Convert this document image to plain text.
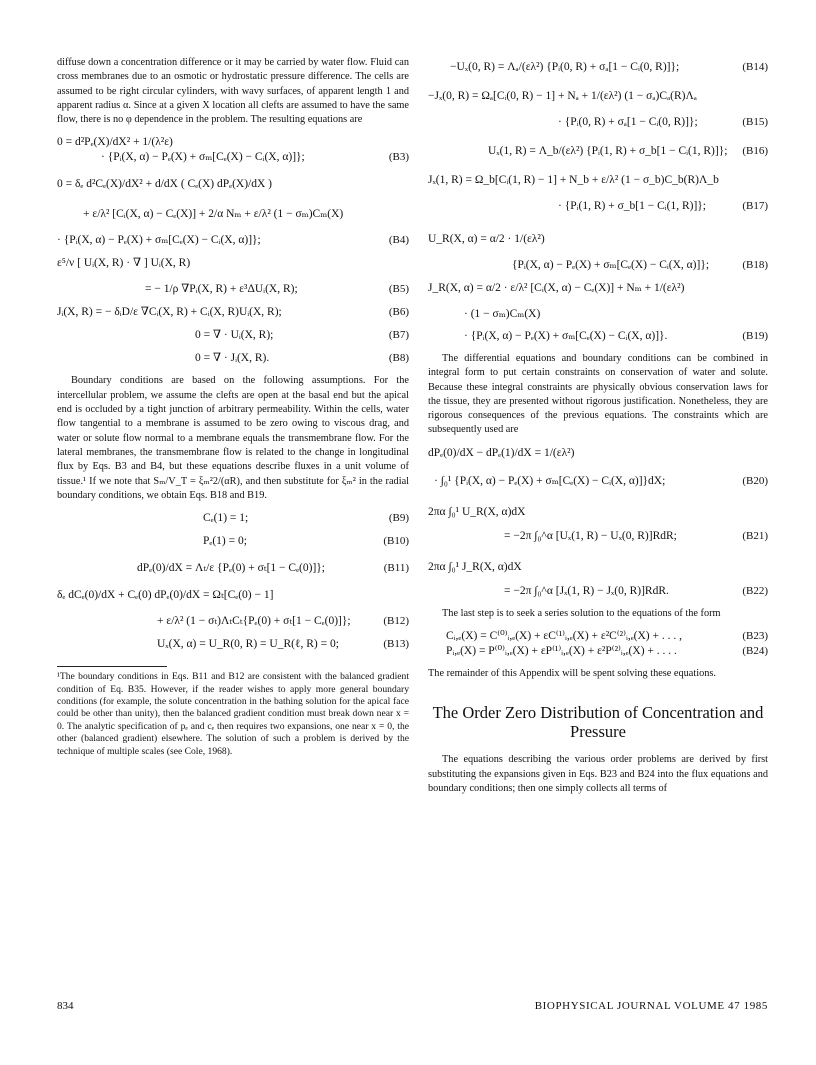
diffuse down a concentration difference or it may be carried by water flow. Fluid can cross membranes due to an osmotic or hydrostatic pressure difference. The cells are assumed to be right circular cylinders, with wavy surfaces, of apparent length 1 and apparent radius α. Since at a given X location all clefts are assumed to have the same flow, there is no φ dependence in the problem. The resulting equations are

0 = d²Pₑ(X)/dX² + 1/(λ²ε)
· {Pᵢ(X, α) − Pₑ(X) + σₘ[Cₑ(X) − Cᵢ(X, α)]};	(B3)
0 = δₑ d²Cₑ(X)/dX² + d/dX ( Cₑ(X) dPₑ(X)/dX )
+ ε/λ² [Cᵢ(X, α) − Cₑ(X)] + 2/α Nₘ + ε/λ² (1 − σₘ)Cₘ(X)
· {Pᵢ(X, α) − Pₑ(X) + σₘ[Cₑ(X) − Cᵢ(X, α)]};	(B4)
ε⁵/ν [ Uᵢ(X, R) · ∇ ] Uᵢ(X, R)
= − 1/ρ ∇Pᵢ(X, R) + ε³ΔUᵢ(X, R);	(B5)
Jᵢ(X, R) = − δᵢD/ε ∇Cᵢ(X, R) + Cᵢ(X, R)Uᵢ(X, R);	(B6)
0 = ∇ · Uᵢ(X, R);	(B7)
0 = ∇ · Jᵢ(X, R).	(B8)

Boundary conditions are based on the following assumptions. For the intercellular problem, we assume the clefts are open at the basal end but the apical end is occluded by a tight junction of arbitrary permeability. Within the cells, water flow tangential to a membrane is assumed to be zero owing to viscous drag, and water or solute flow normal to a membrane equals the transmembrane flow. For the lateral membranes, the transmembrane flow is related to the change in longitudinal flux by Eqs. B3 and B4, but these equations describe fluxes in a unit volume of tissue.¹ If we note that Sₘ/V_T = ξₘ²2/(αR), and then substitute for ξₘ² in the radial boundary conditions, we obtain Eqs. B18 and B19.

Cₑ(1) = 1;	(B9)
Pₑ(1) = 0;	(B10)
dPₑ(0)/dX = Λₜ/ε {Pₑ(0) + σₜ[1 − Cₑ(0)]};	(B11)
δₑ dCₑ(0)/dX + Cₑ(0) dPₑ(0)/dX = Ωₜ[Cₑ(0) − 1]
+ ε/λ² (1 − σₜ)ΛₜCₜ{Pₑ(0) + σₜ[1 − Cₑ(0)]};	(B12)
Uₓ(X, α) = U_R(0, R) = U_R(ℓ, R) = 0;	(B13)

¹The boundary conditions in Eqs. B11 and B12 are consistent with the balanced gradient condition of Eq. B35. However, if the reader wishes to apply more general boundary conditions (for example, the solute concentration in the bathing solution for the apical face could be other than unity), then the balanced gradient condition must break down near x = 0. The analytic specification of pₑ and cₑ then requires two expansions, one near x = 0, the other (balanced gradient) elsewhere. The solution of such a problem is derived by the technique of multiple scales (see Cole, 1968).

−Uₓ(0, R) = Λₐ/(ελ²) {Pᵢ(0, R) + σₐ[1 − Cᵢ(0, R)]};	(B14)
−Jₓ(0, R) = Ωₐ[Cᵢ(0, R) − 1] + Nₐ + 1/(ελ²) (1 − σₐ)Cₐ(R)Λₐ
· {Pᵢ(0, R) + σₐ[1 − Cᵢ(0, R)]};	(B15)
Uₓ(1, R) = Λ_b/(ελ²) {Pᵢ(1, R) + σ_b[1 − Cᵢ(1, R)]};	(B16)
Jₓ(1, R) = Ω_b[Cᵢ(1, R) − 1] + N_b + ε/λ² (1 − σ_b)C_b(R)Λ_b
· {Pᵢ(1, R) + σ_b[1 − Cᵢ(1, R)]};	(B17)
U_R(X, α) = α/2 · 1/(ελ²)
{Pᵢ(X, α) − Pₑ(X) + σₘ[Cₑ(X) − Cᵢ(X, α)]};	(B18)
J_R(X, α) = α/2 · ε/λ² [Cᵢ(X, α) − Cₑ(X)] + Nₘ + 1/(ελ²)
· (1 − σₘ)Cₘ(X)
· {Pᵢ(X, α) − Pₑ(X) + σₘ[Cₑ(X) − Cᵢ(X, α)]}.	(B19)

The differential equations and boundary conditions can be combined in integral form to put certain constraints on conservation of water and solute. Because these integral constraints are physically obvious conservation laws for the tissue, they are presented without rigorous justification. Nonetheless, they are rigorous consequences of the previous equations. The constraints which are subsequently used are

dPₑ(0)/dX − dPₑ(1)/dX = 1/(ελ²)
· ∫₀¹ {Pᵢ(X, α) − Pₑ(X) + σₘ[Cₑ(X) − Cᵢ(X, α)]}dX;	(B20)
2πα ∫₀¹ U_R(X, α)dX
= −2π ∫₀^α [Uₓ(1, R) − Uₓ(0, R)]RdR;	(B21)
2πα ∫₀¹ J_R(X, α)dX
= −2π ∫₀^α [Jₓ(1, R) − Jₓ(0, R)]RdR.	(B22)

The last step is to seek a series solution to the equations of the form

Cᵢ,ₑ(X) = C⁽⁰⁾ᵢ,ₑ(X) + εC⁽¹⁾ᵢ,ₑ(X) + ε²C⁽²⁾ᵢ,ₑ(X) + . . . ,	(B23)
Pᵢ,ₑ(X) = P⁽⁰⁾ᵢ,ₑ(X) + εP⁽¹⁾ᵢ,ₑ(X) + ε²P⁽²⁾ᵢ,ₑ(X) + . . . .	(B24)

The remainder of this Appendix will be spent solving these equations.

The Order Zero Distribution of Concentration and Pressure

The equations describing the various order problems are derived by first substituting the expansions given in Eqs. B23 and B24 into the flux equations and boundary conditions; then one simply collects all terms of

834	BIOPHYSICAL JOURNAL VOLUME 47 1985
